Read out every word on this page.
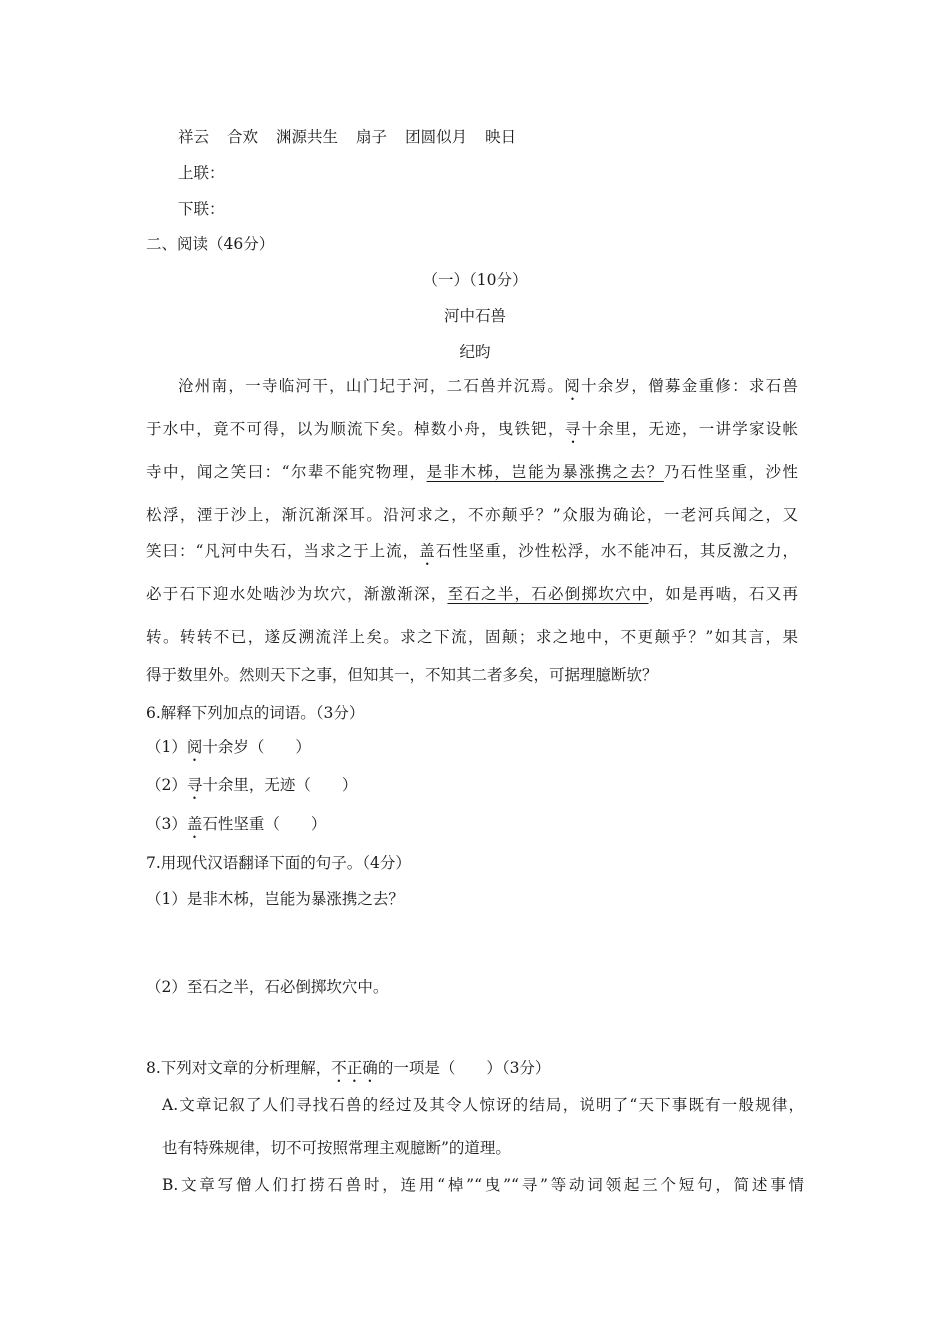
祥云 合欢 渊源共生 扇子 团圆似月 映日
上联：
下联：
二、阅读（46分）
（一）（10分）
河中石兽
纪昀
沧州南，一寺临河干，山门圮于河，二石兽并沉焉。阅十余岁，僧募金重修：求石兽
于水中，竟不可得，以为顺流下矣。棹数小舟，曳铁钯，寻十余里，无迹，一讲学家设帐
寺中，闻之笑曰：“尔辈不能究物理，是非木柹，岂能为暴涨携之去？乃石性坚重，沙性
松浮，湮于沙上，渐沉渐深耳。沿河求之，不亦颠乎？”众服为确论，一老河兵闻之，又
笑曰：“凡河中失石，当求之于上流，盖石性坚重，沙性松浮，水不能冲石，其反激之力，
必于石下迎水处啮沙为坎穴，渐激渐深，至石之半，石必倒掷坎穴中，如是再啮，石又再
转。转转不已，遂反溯流洋上矣。求之下流，固颠；求之地中，不更颠乎？”如其言，果
得于数里外。然则天下之事，但知其一，不知其二者多矣，可据理臆断欤？
6.解释下列加点的词语。（3分）
（1）阅十余岁（　　）
（2）寻十余里，无迹（　　）
（3）盖石性坚重（　　）
7.用现代汉语翻译下面的句子。（4分）
（1）是非木柹，岂能为暴涨携之去？
（2）至石之半，石必倒掷坎穴中。
8.下列对文章的分析理解，不正确的一项是（　　）（3分）
A.文章记叙了人们寻找石兽的经过及其令人惊讶的结局，说明了“天下事既有一般规律，
也有特殊规律，切不可按照常理主观臆断”的道理。
B.文章写僧人们打捞石兽时，连用“棹”“曳”“寻”等动词领起三个短句，简述事情
